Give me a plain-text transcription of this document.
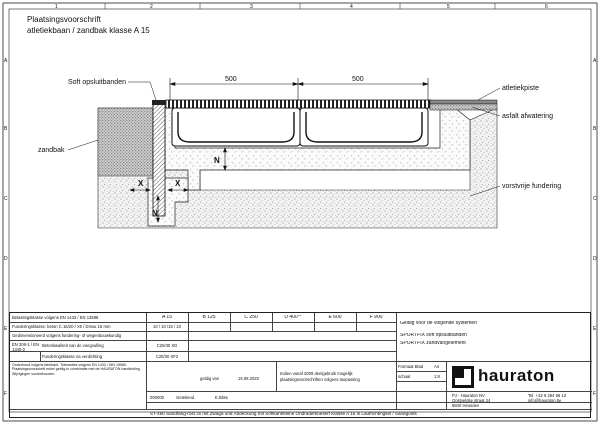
1	2	3	4	5	6
A
B
C
D
E
F
A
B
C
D
E
F
Plaatsingsvoorschrift
atletiekbaan / zandbak klasse A 15
500	500
N
N
X	X
Soft opsluitbanden
zandbak
atletiekpiste
asfalt afwatering
vorstvrije fundering
Belastingsklasse volgens EN 1433 / EN 13598	A 15	B 125	C 250	D 400**	E 600	F 900
Funderingsklasse: beton C 16/20 / X0 / Dmax 16 mm	10 / 10 /15 / 10
Gedimensioneerd volgens fundering- of wegenbouwkundig
EN 206-1 / EN 1340-2
Betonkwaliteit van de voegvulling	C25/30 XD
Funderingsklasse na verdichting	C25/30 XF2
Onderhoud volgens fabrikant. Toleranties volgens EN 1433 / DIN 19580. Plaatsingsvoorschrift enkel geldig in combinatie met de HAURATON handleiding. Wijzigingen voorbehouden.
Geldig voor de volgende systemen
SPORTFIX soft opsluitbanden
SPORTFIX zandvangelement
geldig van	15.09.2020
Indien vanaf 2009 deelgebruik mogelijk
plaatsingsvoorschriften volgens toepassing
Formaat Blad	A4
schaal	1:8
000000	Getekend	E.Bliss
hauraton
PJ - Hauraton NV
Oostveldse straat 24
9840 Heusden
Tel. +32 9 264 66 13
info@hauraton.be
ST-450 Sandfang-rost 2x mit Zwaga und Abdeckung mit Softkantsteine Ondraderkoesert Klasse A 15 in Laufrichtingsel / Sandgoots
